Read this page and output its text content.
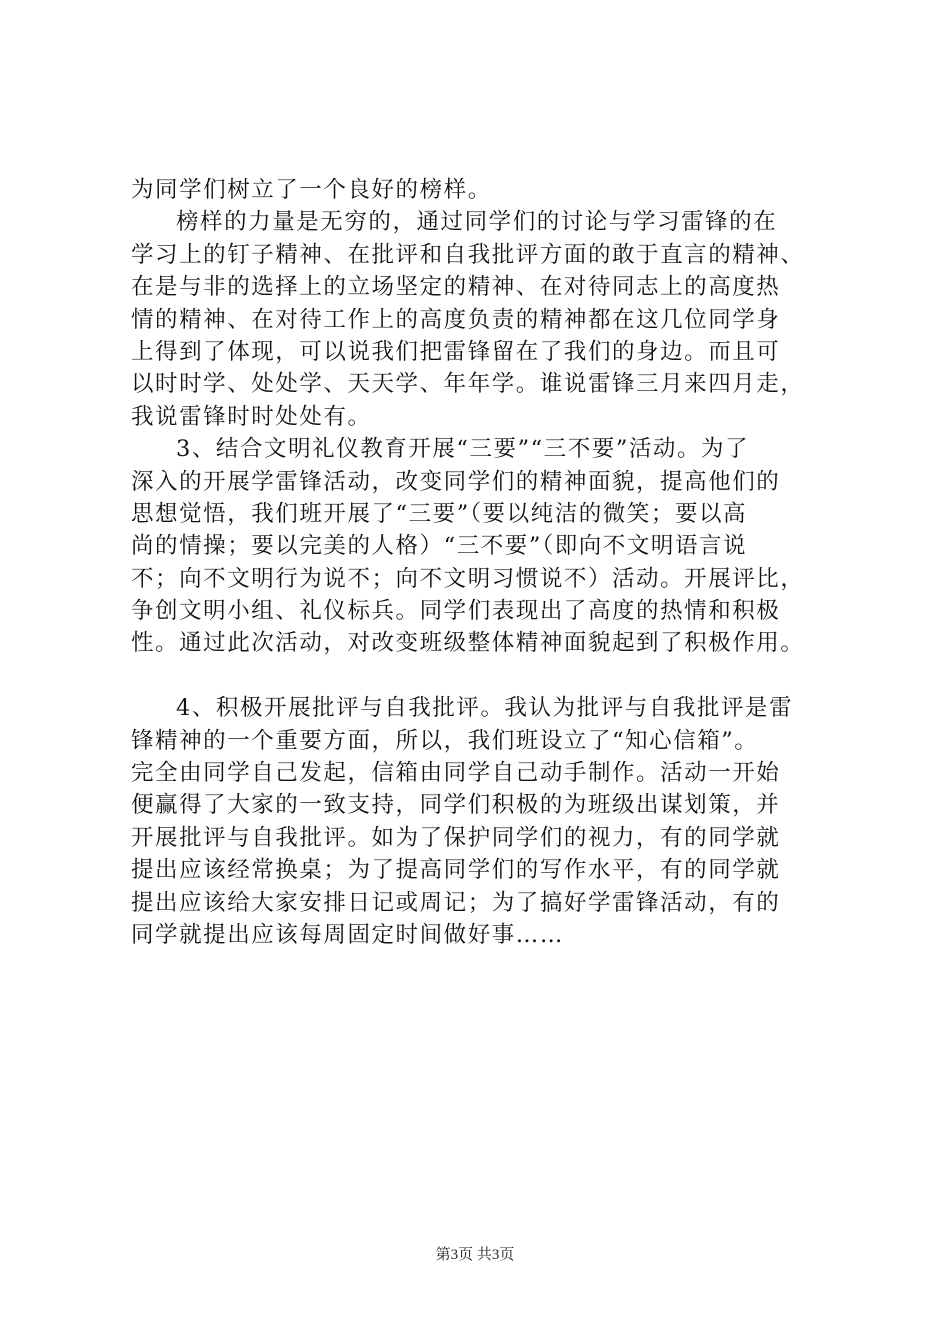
为同学们树立了一个良好的榜样。
榜样的力量是无穷的，通过同学们的讨论与学习雷锋的在
学习上的钉子精神、在批评和自我批评方面的敢于直言的精神、
在是与非的选择上的立场坚定的精神、在对待同志上的高度热
情的精神、在对待工作上的高度负责的精神都在这几位同学身
上得到了体现，可以说我们把雷锋留在了我们的身边。而且可
以时时学、处处学、天天学、年年学。谁说雷锋三月来四月走，
我说雷锋时时处处有。
3、结合文明礼仪教育开展“三要”“三不要”活动。为了
深入的开展学雷锋活动，改变同学们的精神面貌，提高他们的
思想觉悟，我们班开展了“三要”（要以纯洁的微笑；要以高
尚的情操；要以完美的人格）“三不要”（即向不文明语言说
不；向不文明行为说不；向不文明习惯说不）活动。开展评比，
争创文明小组、礼仪标兵。同学们表现出了高度的热情和积极
性。通过此次活动，对改变班级整体精神面貌起到了积极作用。
4、积极开展批评与自我批评。我认为批评与自我批评是雷
锋精神的一个重要方面，所以，我们班设立了“知心信箱”。
完全由同学自己发起，信箱由同学自己动手制作。活动一开始
便赢得了大家的一致支持，同学们积极的为班级出谋划策，并
开展批评与自我批评。如为了保护同学们的视力，有的同学就
提出应该经常换桌；为了提高同学们的写作水平，有的同学就
提出应该给大家安排日记或周记；为了搞好学雷锋活动，有的
同学就提出应该每周固定时间做好事……
第3页 共3页
